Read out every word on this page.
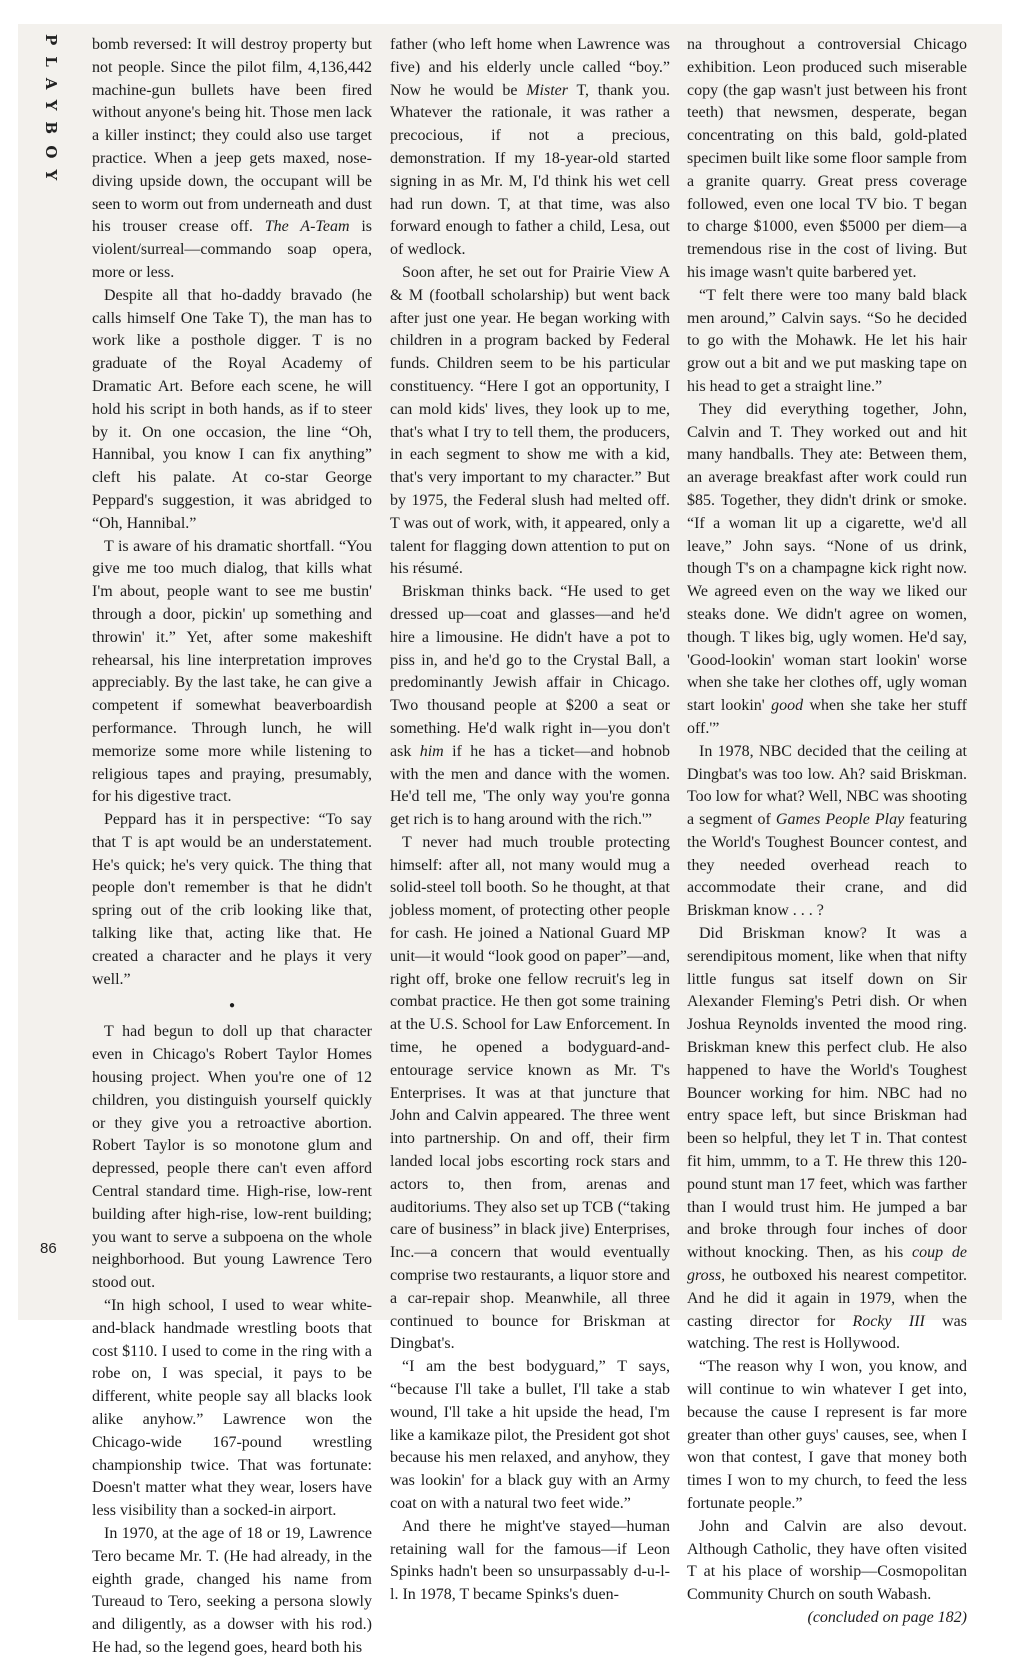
PLAYBOY bomb reversed: It will destroy property but not people. Since the pilot film, 4,136,442 machine-gun bullets have been fired without anyone's being hit. Those men lack a killer instinct; they could also use target practice. When a jeep gets maxed, nose-diving upside down, the occupant will be seen to worm out from underneath and dust his trouser crease off. The A-Team is violent/surreal—commando soap opera, more or less.

Despite all that ho-daddy bravado (he calls himself One Take T), the man has to work like a posthole digger. T is no graduate of the Royal Academy of Dramatic Art. Before each scene, he will hold his script in both hands, as if to steer by it. On one occasion, the line “Oh, Hannibal, you know I can fix anything” cleft his palate. At co-star George Peppard's suggestion, it was abridged to “Oh, Hannibal.”

T is aware of his dramatic shortfall. “You give me too much dialog, that kills what I'm about, people want to see me bustin' through a door, pickin' up something and throwin' it.” Yet, after some makeshift rehearsal, his line interpretation improves appreciably. By the last take, he can give a competent if somewhat beaverboardish performance. Through lunch, he will memorize some more while listening to religious tapes and praying, presumably, for his digestive tract.

Peppard has it in perspective: “To say that T is apt would be an understatement. He's quick; he's very quick. The thing that people don't remember is that he didn't spring out of the crib looking like that, talking like that, acting like that. He created a character and he plays it very well.”

●

T had begun to doll up that character even in Chicago's Robert Taylor Homes housing project. When you're one of 12 children, you distinguish yourself quickly or they give you a retroactive abortion. Robert Taylor is so monotone glum and depressed, people there can't even afford Central standard time. High-rise, low-rent building after high-rise, low-rent building; you want to serve a subpoena on the whole neighborhood. But young Lawrence Tero stood out.

“In high school, I used to wear white-and-black handmade wrestling boots that cost $110. I used to come in the ring with a robe on, I was special, it pays to be different, white people say all blacks look alike anyhow.” Lawrence won the Chicago-wide 167-pound wrestling championship twice. That was fortunate: Doesn't matter what they wear, losers have less visibility than a socked-in airport.

In 1970, at the age of 18 or 19, Lawrence Tero became Mr. T. (He had already, in the eighth grade, changed his name from Tureaud to Tero, seeking a persona slowly and diligently, as a dowser with his rod.) He had, so the legend goes, heard both his

father (who left home when Lawrence was five) and his elderly uncle called “boy.” Now he would be Mister T, thank you. Whatever the rationale, it was rather a precocious, if not a precious, demonstration. If my 18-year-old started signing in as Mr. M, I'd think his wet cell had run down. T, at that time, was also forward enough to father a child, Lesa, out of wedlock.

Soon after, he set out for Prairie View A & M (football scholarship) but went back after just one year. He began working with children in a program backed by Federal funds. Children seem to be his particular constituency. “Here I got an opportunity, I can mold kids' lives, they look up to me, that's what I try to tell them, the producers, in each segment to show me with a kid, that's very important to my character.” But by 1975, the Federal slush had melted off. T was out of work, with, it appeared, only a talent for flagging down attention to put on his résumé.

Briskman thinks back. “He used to get dressed up—coat and glasses—and he'd hire a limousine. He didn't have a pot to piss in, and he'd go to the Crystal Ball, a predominantly Jewish affair in Chicago. Two thousand people at $200 a seat or something. He'd walk right in—you don't ask him if he has a ticket—and hobnob with the men and dance with the women. He'd tell me, 'The only way you're gonna get rich is to hang around with the rich.'”

T never had much trouble protecting himself: after all, not many would mug a solid-steel toll booth. So he thought, at that jobless moment, of protecting other people for cash. He joined a National Guard MP unit—it would “look good on paper”—and, right off, broke one fellow recruit's leg in combat practice. He then got some training at the U.S. School for Law Enforcement. In time, he opened a bodyguard-and-entourage service known as Mr. T's Enterprises. It was at that juncture that John and Calvin appeared. The three went into partnership. On and off, their firm landed local jobs escorting rock stars and actors to, then from, arenas and auditoriums. They also set up TCB (“taking care of business” in black jive) Enterprises, Inc.—a concern that would eventually comprise two restaurants, a liquor store and a car-repair shop. Meanwhile, all three continued to bounce for Briskman at Dingbat's.

“I am the best bodyguard,” T says, “because I'll take a bullet, I'll take a stab wound, I'll take a hit upside the head, I'm like a kamikaze pilot, the President got shot because his men relaxed, and anyhow, they was lookin' for a black guy with an Army coat on with a natural two feet wide.”

And there he might've stayed—human retaining wall for the famous—if Leon Spinks hadn't been so unsurpassably d-u-l-l. In 1978, T became Spinks's duen-

na throughout a controversial Chicago exhibition. Leon produced such miserable copy (the gap wasn't just between his front teeth) that newsmen, desperate, began concentrating on this bald, gold-plated specimen built like some floor sample from a granite quarry. Great press coverage followed, even one local TV bio. T began to charge $1000, even $5000 per diem—a tremendous rise in the cost of living. But his image wasn't quite barbered yet.

“T felt there were too many bald black men around,” Calvin says. “So he decided to go with the Mohawk. He let his hair grow out a bit and we put masking tape on his head to get a straight line.”

They did everything together, John, Calvin and T. They worked out and hit many handballs. They ate: Between them, an average breakfast after work could run $85. Together, they didn't drink or smoke. “If a woman lit up a cigarette, we'd all leave,” John says. “None of us drink, though T's on a champagne kick right now. We agreed even on the way we liked our steaks done. We didn't agree on women, though. T likes big, ugly women. He'd say, 'Good-lookin' woman start lookin' worse when she take her clothes off, ugly woman start lookin' good when she take her stuff off.'”

In 1978, NBC decided that the ceiling at Dingbat's was too low. Ah? said Briskman. Too low for what? Well, NBC was shooting a segment of Games People Play featuring the World's Toughest Bouncer contest, and they needed overhead reach to accommodate their crane, and did Briskman know . . . ?

Did Briskman know? It was a serendipitous moment, like when that nifty little fungus sat itself down on Sir Alexander Fleming's Petri dish. Or when Joshua Reynolds invented the mood ring. Briskman knew this perfect club. He also happened to have the World's Toughest Bouncer working for him. NBC had no entry space left, but since Briskman had been so helpful, they let T in. That contest fit him, ummm, to a T. He threw this 120-pound stunt man 17 feet, which was farther than I would trust him. He jumped a bar and broke through four inches of door without knocking. Then, as his coup de gross, he outboxed his nearest competitor. And he did it again in 1979, when the casting director for Rocky III was watching. The rest is Hollywood.

“The reason why I won, you know, and will continue to win whatever I get into, because the cause I represent is far more greater than other guys' causes, see, when I won that contest, I gave that money both times I won to my church, to feed the less fortunate people.”

John and Calvin are also devout. Although Catholic, they have often visited T at his place of worship—Cosmopolitan Community Church on south Wabash.

(concluded on page 182)

86
